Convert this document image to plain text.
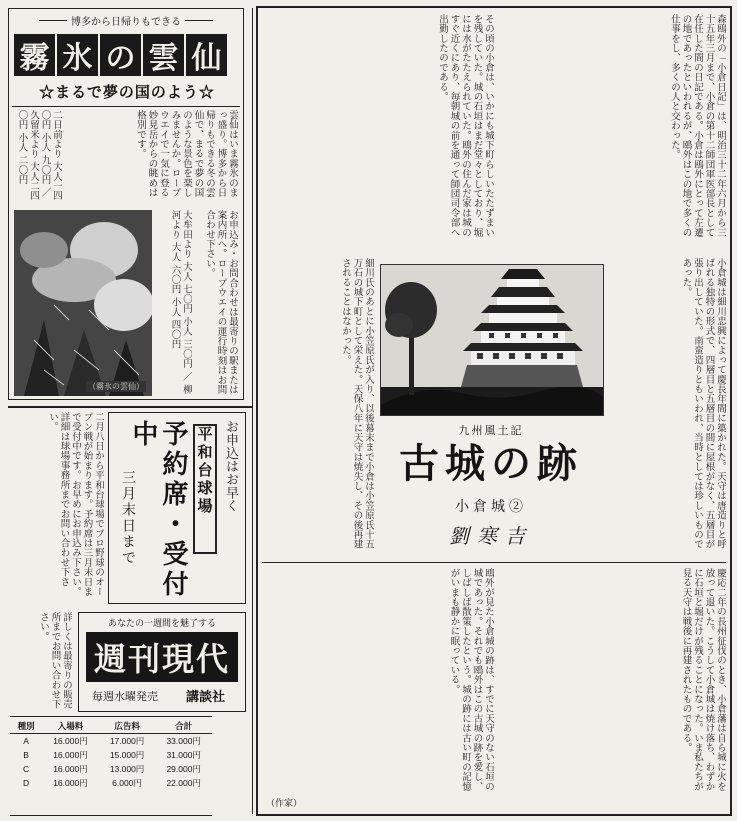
博多から日帰りもできる
霧 氷 の 雲 仙
☆まるで夢の国のよう☆
二日前より 大人一四〇円 小人 九〇円 ／ 久留米より 大人二四〇円 小人 二〇円	雲仙はいま霧氷のまっ盛り。博多から日帰りもできる冬の雲仙で、まるで夢の国のような景色を楽しみませんか。ロープウエイで一気に登る妙見岳からの眺めは格別です。
（霧氷の雲仙）	大牟田より 大人 七〇円 小人 三〇円 ／ 柳 河より 大人 六〇円 小人 四〇円	お申込み・お問合わせは最寄りの駅または案内所へ。ロープウエイの運行時刻はお問合わせ下さい。
二月八日から平和台球場でプロ野球のオープン戦が始まります。予約席は三月末日まで受付中です。お早めにお申込み下さい。詳細は球場事務所までお問い合わせ下さい。	お申込はお早く
平和台球場
予約席・受付中
三月末日まで
あなたの一週間を魅了する
週刊現代
毎週水曜発売	講談社
詳しくは最寄りの販売所までお問い合わせ下さい。
種別	入場料	広告料	合計
A	16.000円	17.000円	33.000円
B	16.000円	15.000円	31.000円
C	16.000円	13.000円	29.000円
D	16.000円	6.000円	22.000円
森鴎外の「小倉日記」は、明治三十二年六月から三十五年三月まで、小倉の第十二師団軍医部長として在任した間の日記である。小倉は鴎外にとって左遷の地であったといわれるが、鴎外はこの地で多くの仕事をし、多くの人と交わった。
その頃の小倉は、いかにも城下町らしいたたずまいを残していた。城の石垣はまだ堂々としており、堀には水がたたえられていた。鴎外の住んだ家は城のすぐ近くにあり、毎朝城の前を通って師団司令部へ出勤したのである。
小倉城は細川忠興によって慶長年間に築かれた。天守は唐造りと呼ばれる独特の形式で、四層目と五層目の間に屋根がなく、五層目が張り出していた。南蛮造りともいわれ、当時としては珍しいものであった。
細川氏のあとに小笠原氏が入り、以後幕末まで小倉は小笠原氏十五万石の城下町として栄えた。天保八年に天守は焼失し、その後再建されることはなかった。
九州風土記
古城の跡
小倉城②
劉寒吉
慶応二年の長州征伐のとき、小倉藩は自ら城に火を放って退いた。こうして小倉城は焼け落ち、わずかに石垣と堀だけが残ることになった。いま私たちが見る天守は戦後に再建されたものである。
鴎外が見た小倉城の跡は、すでに天守のない石垣の城であった。それでも鴎外はこの古城の跡を愛し、しばしば散策したという。城の跡には古い町の記憶がいまも静かに眠っている。
（作家）
